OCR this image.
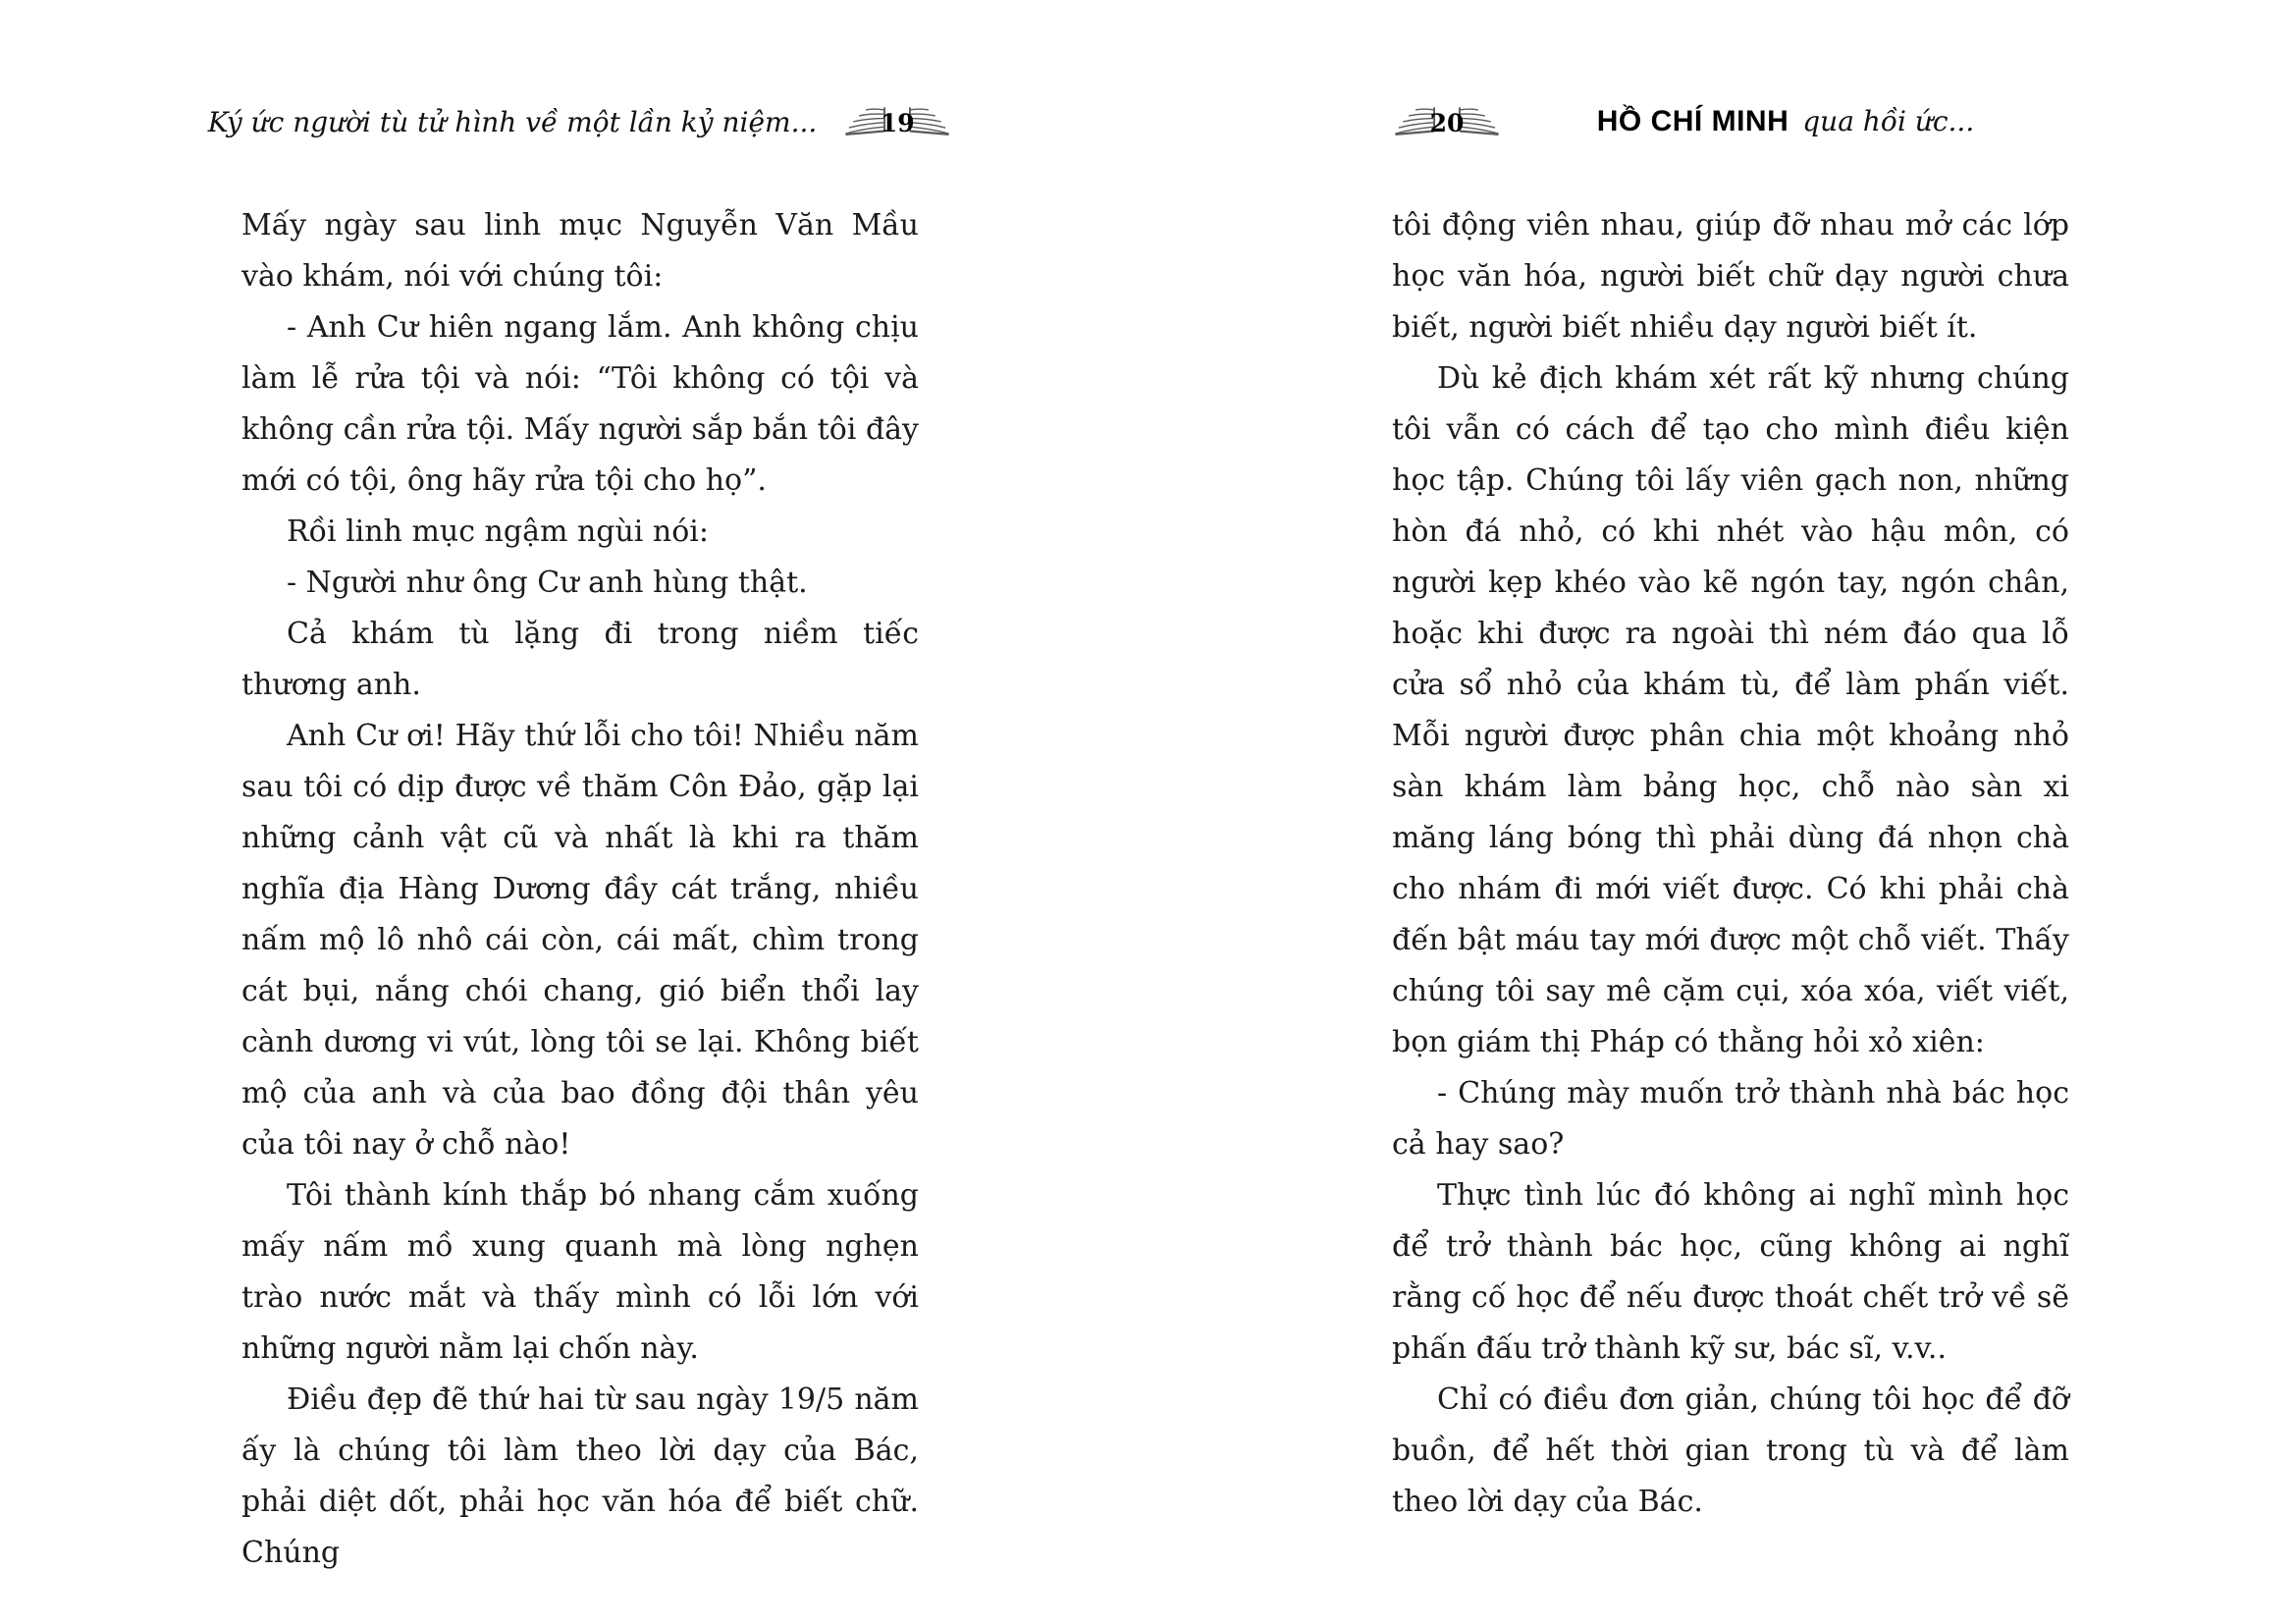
Ký ức người tù tử hình về một lần kỷ niệm...	19

Mấy ngày sau linh mục Nguyễn Văn Mầu vào khám, nói với chúng tôi:

- Anh Cư hiên ngang lắm. Anh không chịu làm lễ rửa tội và nói: “Tôi không có tội và không cần rửa tội. Mấy người sắp bắn tôi đây mới có tội, ông hãy rửa tội cho họ”.

Rồi linh mục ngậm ngùi nói:

- Người như ông Cư anh hùng thật.

Cả khám tù lặng đi trong niềm tiếc thương anh.

Anh Cư ơi! Hãy thứ lỗi cho tôi! Nhiều năm sau tôi có dịp được về thăm Côn Đảo, gặp lại những cảnh vật cũ và nhất là khi ra thăm nghĩa địa Hàng Dương đầy cát trắng, nhiều nấm mộ lô nhô cái còn, cái mất, chìm trong cát bụi, nắng chói chang, gió biển thổi lay cành dương vi vút, lòng tôi se lại. Không biết mộ của anh và của bao đồng đội thân yêu của tôi nay ở chỗ nào!

Tôi thành kính thắp bó nhang cắm xuống mấy nấm mồ xung quanh mà lòng nghẹn trào nước mắt và thấy mình có lỗi lớn với những người nằm lại chốn này.

Điều đẹp đẽ thứ hai từ sau ngày 19/5 năm ấy là chúng tôi làm theo lời dạy của Bác, phải diệt dốt, phải học văn hóa để biết chữ. Chúng

20	HỒ CHÍ MINH qua hồi ức...

tôi động viên nhau, giúp đỡ nhau mở các lớp học văn hóa, người biết chữ dạy người chưa biết, người biết nhiều dạy người biết ít.

Dù kẻ địch khám xét rất kỹ nhưng chúng tôi vẫn có cách để tạo cho mình điều kiện học tập. Chúng tôi lấy viên gạch non, những hòn đá nhỏ, có khi nhét vào hậu môn, có người kẹp khéo vào kẽ ngón tay, ngón chân, hoặc khi được ra ngoài thì ném đáo qua lỗ cửa sổ nhỏ của khám tù, để làm phấn viết. Mỗi người được phân chia một khoảng nhỏ sàn khám làm bảng học, chỗ nào sàn xi măng láng bóng thì phải dùng đá nhọn chà cho nhám đi mới viết được. Có khi phải chà đến bật máu tay mới được một chỗ viết. Thấy chúng tôi say mê cặm cụi, xóa xóa, viết viết, bọn giám thị Pháp có thằng hỏi xỏ xiên:

- Chúng mày muốn trở thành nhà bác học cả hay sao?

Thực tình lúc đó không ai nghĩ mình học để trở thành bác học, cũng không ai nghĩ rằng cố học để nếu được thoát chết trở về sẽ phấn đấu trở thành kỹ sư, bác sĩ, v.v..

Chỉ có điều đơn giản, chúng tôi học để đỡ buồn, để hết thời gian trong tù và để làm theo lời dạy của Bác.
